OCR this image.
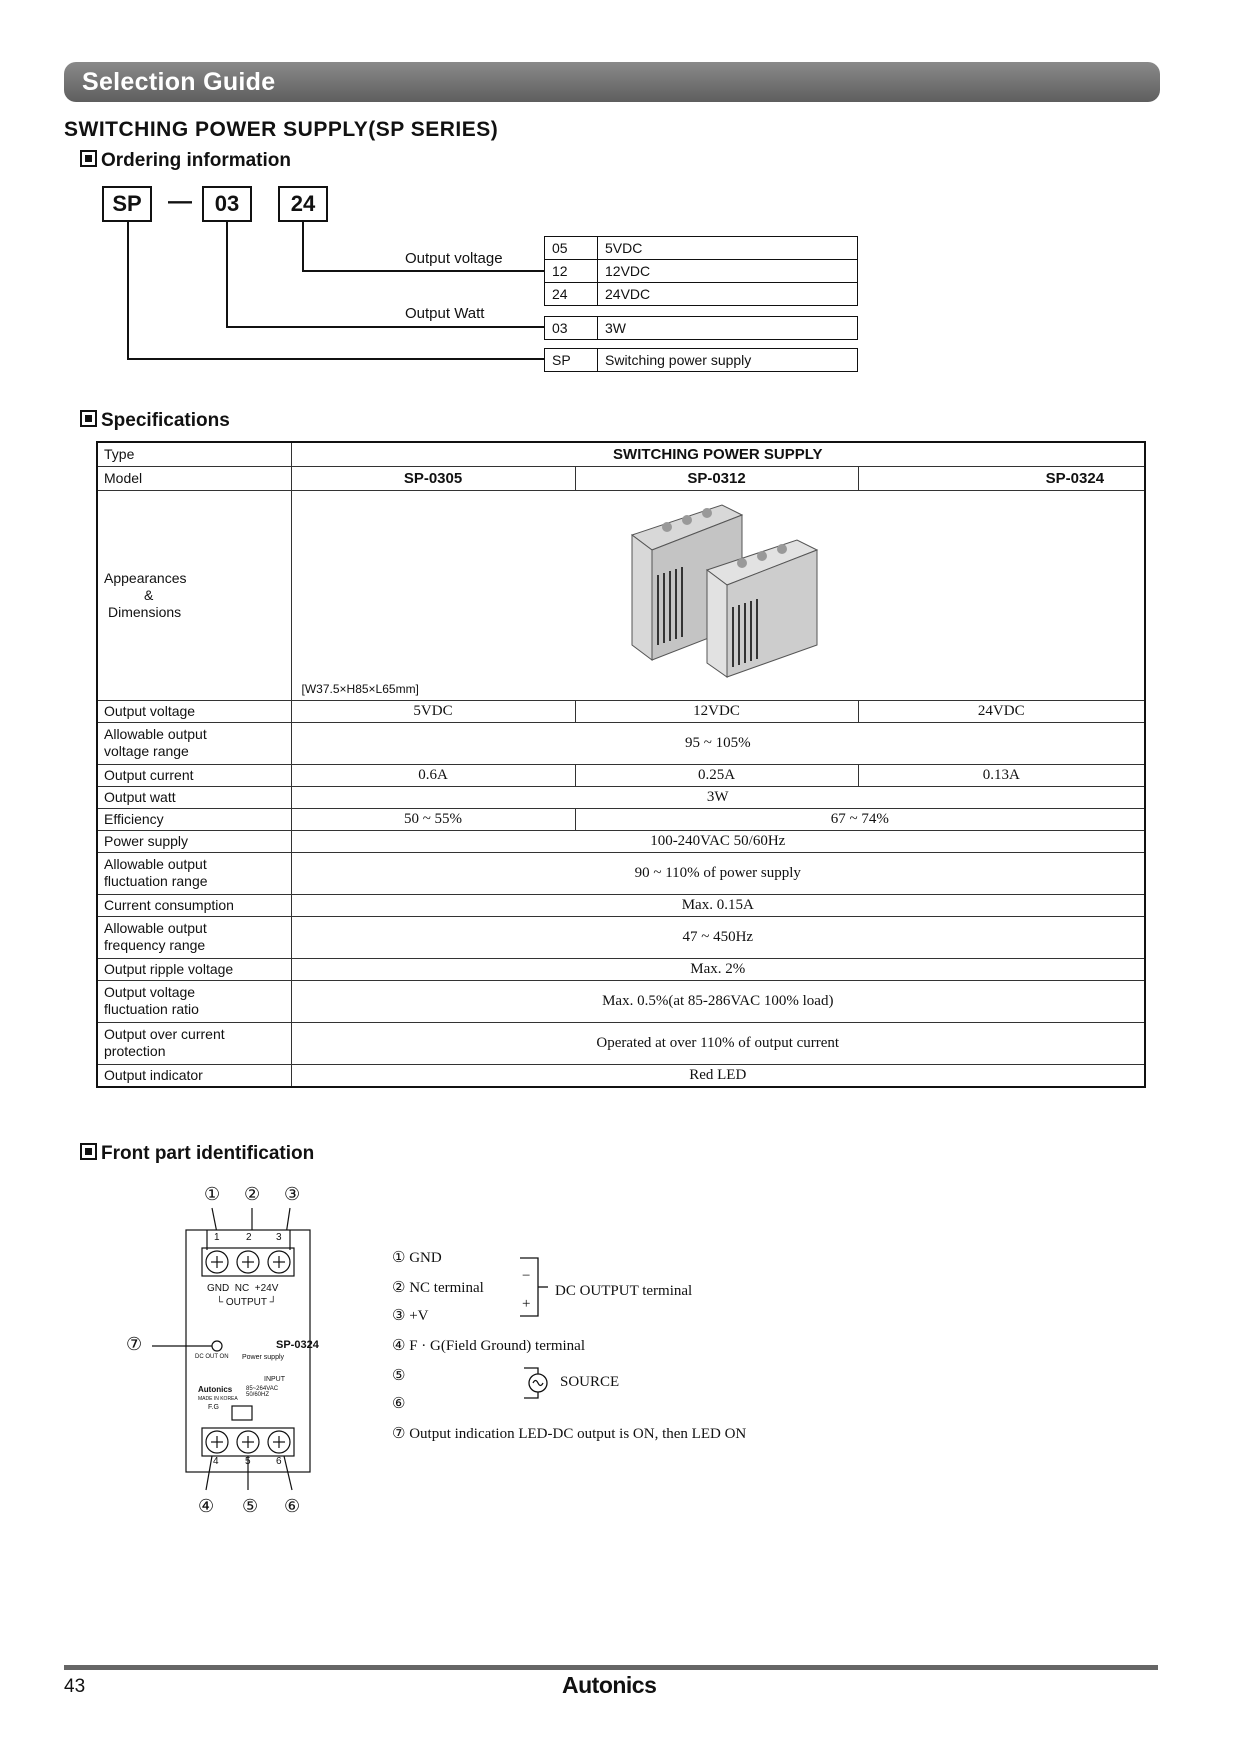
Selection Guide
SWITCHING POWER SUPPLY(SP SERIES)
Ordering information
SP	—	03	24
Output voltage
Output Watt
05	5VDC
12	12VDC
24	24VDC
03	3W
SP	Switching power supply
Specifications
Type	SWITCHING POWER SUPPLY		
Model	SP-0305	SP-0312	SP-0324

Appearances
&
Dimensions	[W37.5×H85×L65mm]		

Output voltage	5VDC	12VDC	24VDC

Allowable output
voltage range	95 ~ 105%		
Output current	0.6A	0.25A	0.13A
Output watt	3W		
Efficiency	50 ~ 55%	67 ~ 74%	
Power supply	100-240VAC 50/60Hz		

Allowable output
fluctuation range	90 ~ 110% of power supply		
Current consumption	Max. 0.15A		

Allowable output
frequency range	47 ~ 450Hz		
Output ripple voltage	Max. 2%		

Output voltage
fluctuation ratio	Max. 0.5%(at 85-286VAC 100% load)		

Output over current
protection	Operated at over 110% of output current		
Output indicator	Red LED		
Front part identification
① ② ③
④ ⑤ ⑥
⑦
1	2 3
GND  NC  +24V
└ OUTPUT ┘
SP-0324
DC OUT ON Power supply
INPUT
Autonics 85~264VAC 50/60HZ
MADE IN KOREA
F.G
4	5	6
① GND
② NC terminal
③ +V
④ F · G(Field Ground) terminal
⑤
⑥
⑦ Output indication LED-DC output is ON, then LED ON
−
+
DC OUTPUT terminal
SOURCE
43	Autonics
